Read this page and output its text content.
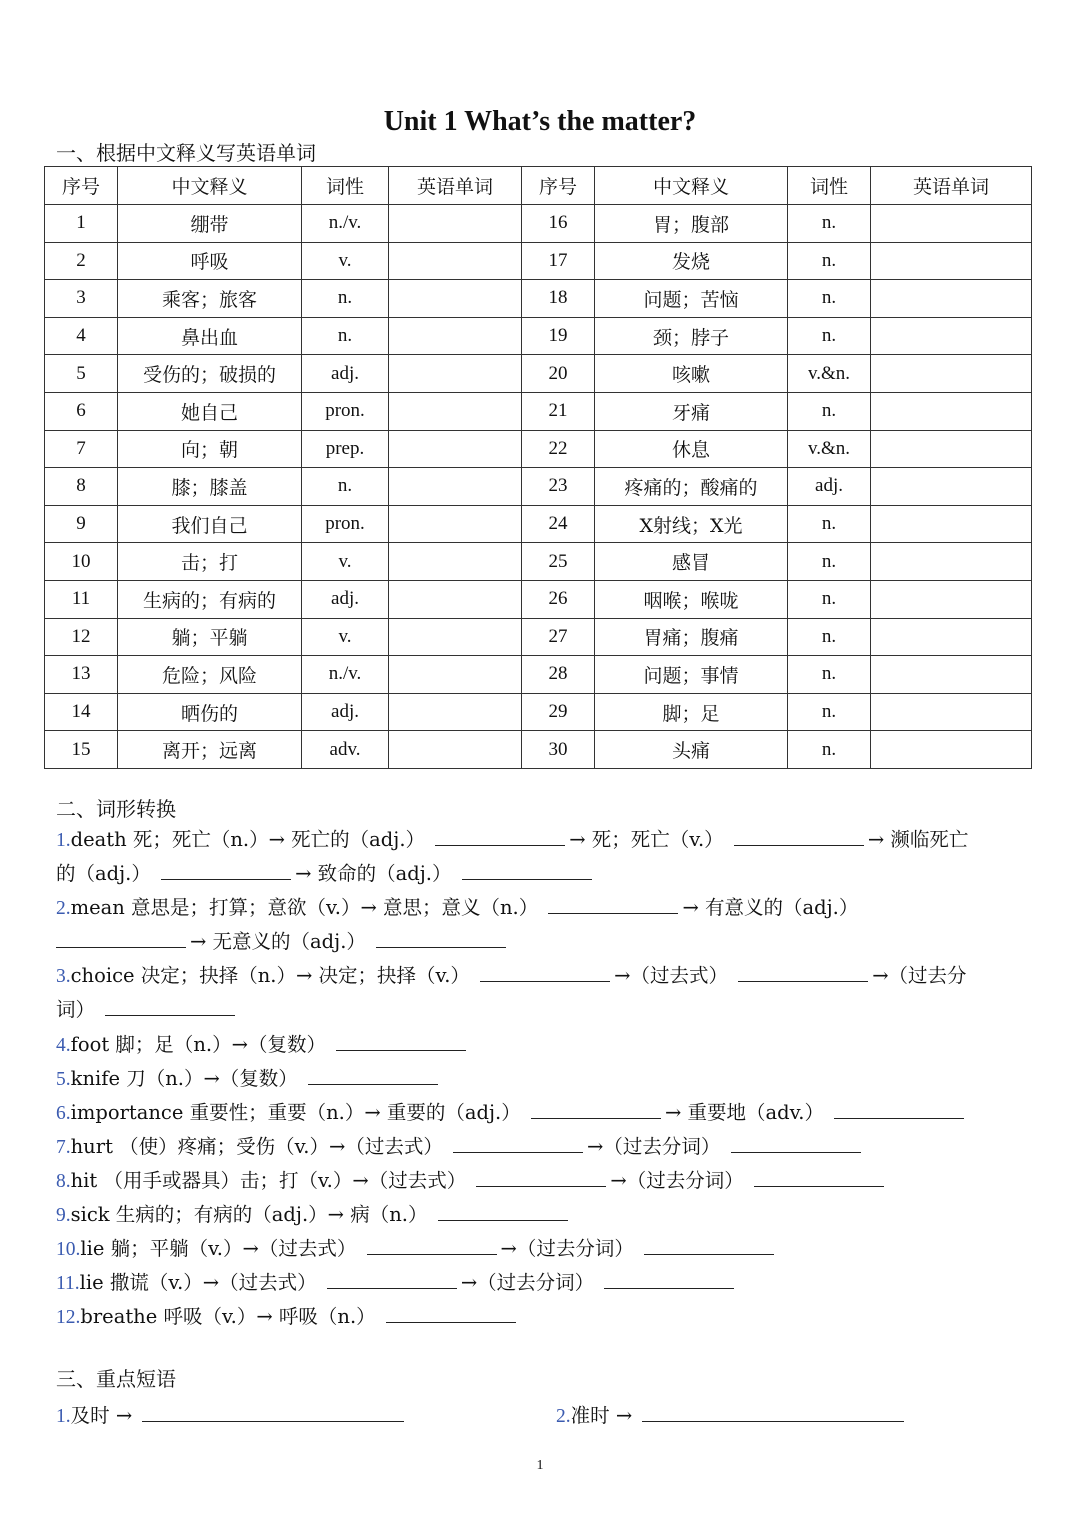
Unit 1 What’s the matter?
一、根据中文释义写英语单词
序号	中文释义	词性	英语单词	序号	中文释义	词性	英语单词
1	绷带	n./v.		16	胃；腹部	n.	
2	呼吸	v.		17	发烧	n.	
3	乘客；旅客	n.		18	问题；苦恼	n.	
4	鼻出血	n.		19	颈；脖子	n.	
5	受伤的；破损的	adj.		20	咳嗽	v.&n.	
6	她自己	pron.		21	牙痛	n.	
7	向；朝	prep.		22	休息	v.&n.	
8	膝；膝盖	n.		23	疼痛的；酸痛的	adj.	
9	我们自己	pron.		24	X射线；X光	n.	
10	击；打	v.		25	感冒	n.	
11	生病的；有病的	adj.		26	咽喉；喉咙	n.	
12	躺；平躺	v.		27	胃痛；腹痛	n.	
13	危险；风险	n./v.		28	问题；事情	n.	
14	晒伤的	adj.		29	脚；足	n.	
15	离开；远离	adv.		30	头痛	n.	
二、词形转换
1.death 死；死亡（n.）→ 死亡的（adj.）	→ 死；死亡（v.）	→ 濒临死亡
的（adj.）	→ 致命的（adj.）
2.mean 意思是；打算；意欲（v.）→ 意思；意义（n.）	→ 有意义的（adj.）
→ 无意义的（adj.）
3.choice 决定；抉择（n.）→ 决定；抉择（v.）	→（过去式）	→（过去分
词）
4.foot 脚；足（n.）→（复数）
5.knife 刀（n.）→（复数）
6.importance 重要性；重要（n.）→ 重要的（adj.）	→ 重要地（adv.）
7.hurt （使）疼痛；受伤（v.）→（过去式）	→（过去分词）
8.hit （用手或器具）击；打（v.）→（过去式）	→（过去分词）
9.sick 生病的；有病的（adj.）→ 病（n.）
10.lie 躺；平躺（v.）→（过去式）	→（过去分词）
11.lie 撒谎（v.）→（过去式）	→（过去分词）
12.breathe 呼吸（v.）→ 呼吸（n.）
三、重点短语
1.及时 →	2.准时 →
1
